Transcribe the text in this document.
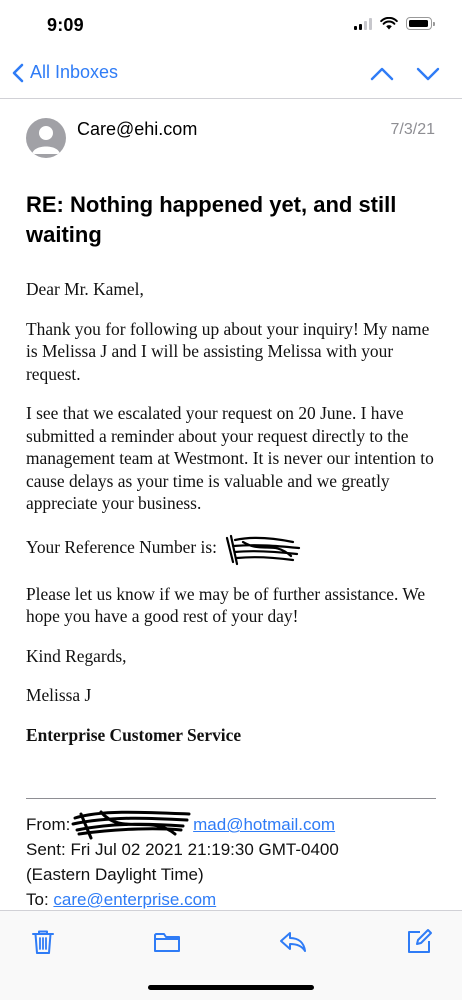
9:09
All Inboxes
Care@ehi.com	7/3/21
RE: Nothing happened yet, and still waiting

Dear Mr. Kamel,

Thank you for following up about your inquiry! My name is Melissa J and I will be assisting Melissa with your request.

I see that we escalated your request on 20 June. I have submitted a reminder about your request directly to the management team at Westmont. It is never our intention to cause delays as your time is valuable and we greatly appreciate your business.

Your Reference Number is:

Please let us know if we may be of further assistance. We hope you have a good rest of your day!

Kind Regards,

Melissa J

Enterprise Customer Service

From:	mad@hotmail.com
Sent: Fri Jul 02 2021 21:19:30 GMT-0400
(Eastern Daylight Time)
To: care@enterprise.com
